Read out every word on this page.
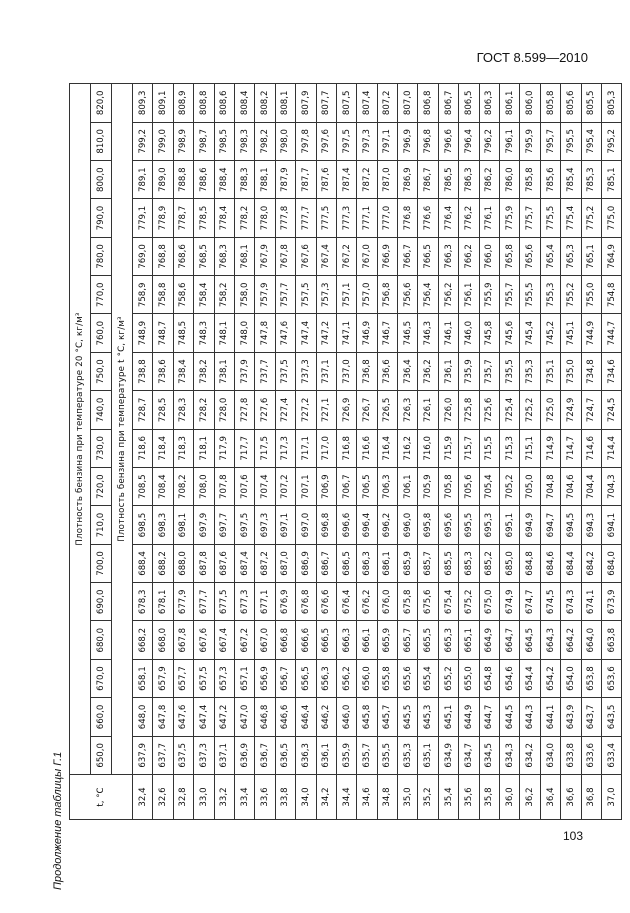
ГОСТ 8.599—2010
Продолжение таблицы Г.1	t, °C	Плотность бензина при температуре 20 °С, кг/м³																	
	650,0	660,0	670,0	680,0	690,0	700,0	710,0	720,0	730,0	740,0	750,0	760,0	770,0	780,0	790,0	800,0	810,0	820,0
	Плотность бензина при температуре t °С, кг/м³																	
32,4	637,9	648,0	658,1	668,2	678,3	688,4	698,5	708,5	718,6	728,7	738,8	748,9	758,9	769,0	779,1	789,1	799,2	809,3
32,6	637,7	647,8	657,9	668,0	678,1	688,2	698,3	708,4	718,4	728,5	738,6	748,7	758,8	768,8	778,9	789,0	799,0	809,1
32,8	637,5	647,6	657,7	667,8	677,9	688,0	698,1	708,2	718,3	728,3	738,4	748,5	758,6	768,6	778,7	788,8	798,9	808,9
33,0	637,3	647,4	657,5	667,6	677,7	687,8	697,9	708,0	718,1	728,2	738,2	748,3	758,4	768,5	778,5	788,6	798,7	808,8
33,2	637,1	647,2	657,3	667,4	677,5	687,6	697,7	707,8	717,9	728,0	738,1	748,1	758,2	768,3	778,4	788,4	798,5	808,6
33,4	636,9	647,0	657,1	667,2	677,3	687,4	697,5	707,6	717,7	727,8	737,9	748,0	758,0	768,1	778,2	788,3	798,3	808,4
33,6	636,7	646,8	656,9	667,0	677,1	687,2	697,3	707,4	717,5	727,6	737,7	747,8	757,9	767,9	778,0	788,1	798,2	808,2
33,8	636,5	646,6	656,7	666,8	676,9	687,0	697,1	707,2	717,3	727,4	737,5	747,6	757,7	767,8	777,8	787,9	798,0	808,1
34,0	636,3	646,4	656,5	666,6	676,8	686,9	697,0	707,1	717,1	727,2	737,3	747,4	757,5	767,6	777,7	787,7	797,8	807,9
34,2	636,1	646,2	656,3	666,5	676,6	686,7	696,8	706,9	717,0	727,1	737,1	747,2	757,3	767,4	777,5	787,6	797,6	807,7
34,4	635,9	646,0	656,2	666,3	676,4	686,5	696,6	706,7	716,8	726,9	737,0	747,1	757,1	767,2	777,3	787,4	797,5	807,5
34,6	635,7	645,8	656,0	666,1	676,2	686,3	696,4	706,5	716,6	726,7	736,8	746,9	757,0	767,0	777,1	787,2	797,3	807,4
34,8	635,5	645,7	655,8	665,9	676,0	686,1	696,2	706,3	716,4	726,5	736,6	746,7	756,8	766,9	777,0	787,0	797,1	807,2
35,0	635,3	645,5	655,6	665,7	675,8	685,9	696,0	706,1	716,2	726,3	736,4	746,5	756,6	766,7	776,8	786,9	796,9	807,0
35,2	635,1	645,3	655,4	665,5	675,6	685,7	695,8	705,9	716,0	726,1	736,2	746,3	756,4	766,5	776,6	786,7	796,8	806,8
35,4	634,9	645,1	655,2	665,3	675,4	685,5	695,6	705,8	715,9	726,0	736,1	746,1	756,2	766,3	776,4	786,5	796,6	806,7
35,6	634,7	644,9	655,0	665,1	675,2	685,3	695,5	705,6	715,7	725,8	735,9	746,0	756,1	766,2	776,2	786,3	796,4	806,5
35,8	634,5	644,7	654,8	664,9	675,0	685,2	695,3	705,4	715,5	725,6	735,7	745,8	755,9	766,0	776,1	786,2	796,2	806,3
36,0	634,3	644,5	654,6	664,7	674,9	685,0	695,1	705,2	715,3	725,4	735,5	745,6	755,7	765,8	775,9	786,0	796,1	806,1
36,2	634,2	644,3	654,4	664,5	674,7	684,8	694,9	705,0	715,1	725,2	735,3	745,4	755,5	765,6	775,7	785,8	795,9	806,0
36,4	634,0	644,1	654,2	664,3	674,5	684,6	694,7	704,8	714,9	725,0	735,1	745,2	755,3	765,4	775,5	785,6	795,7	805,8
36,6	633,8	643,9	654,0	664,2	674,3	684,4	694,5	704,6	714,7	724,9	735,0	745,1	755,2	765,3	775,4	785,4	795,5	805,6
36,8	633,6	643,7	653,8	664,0	674,1	684,2	694,3	704,4	714,6	724,7	734,8	744,9	755,0	765,1	775,2	785,3	795,4	805,5
37,0	633,4	643,5	653,6	663,8	673,9	684,0	694,1	704,3	714,4	724,5	734,6	744,7	754,8	764,9	775,0	785,1	795,2	805,3
103
